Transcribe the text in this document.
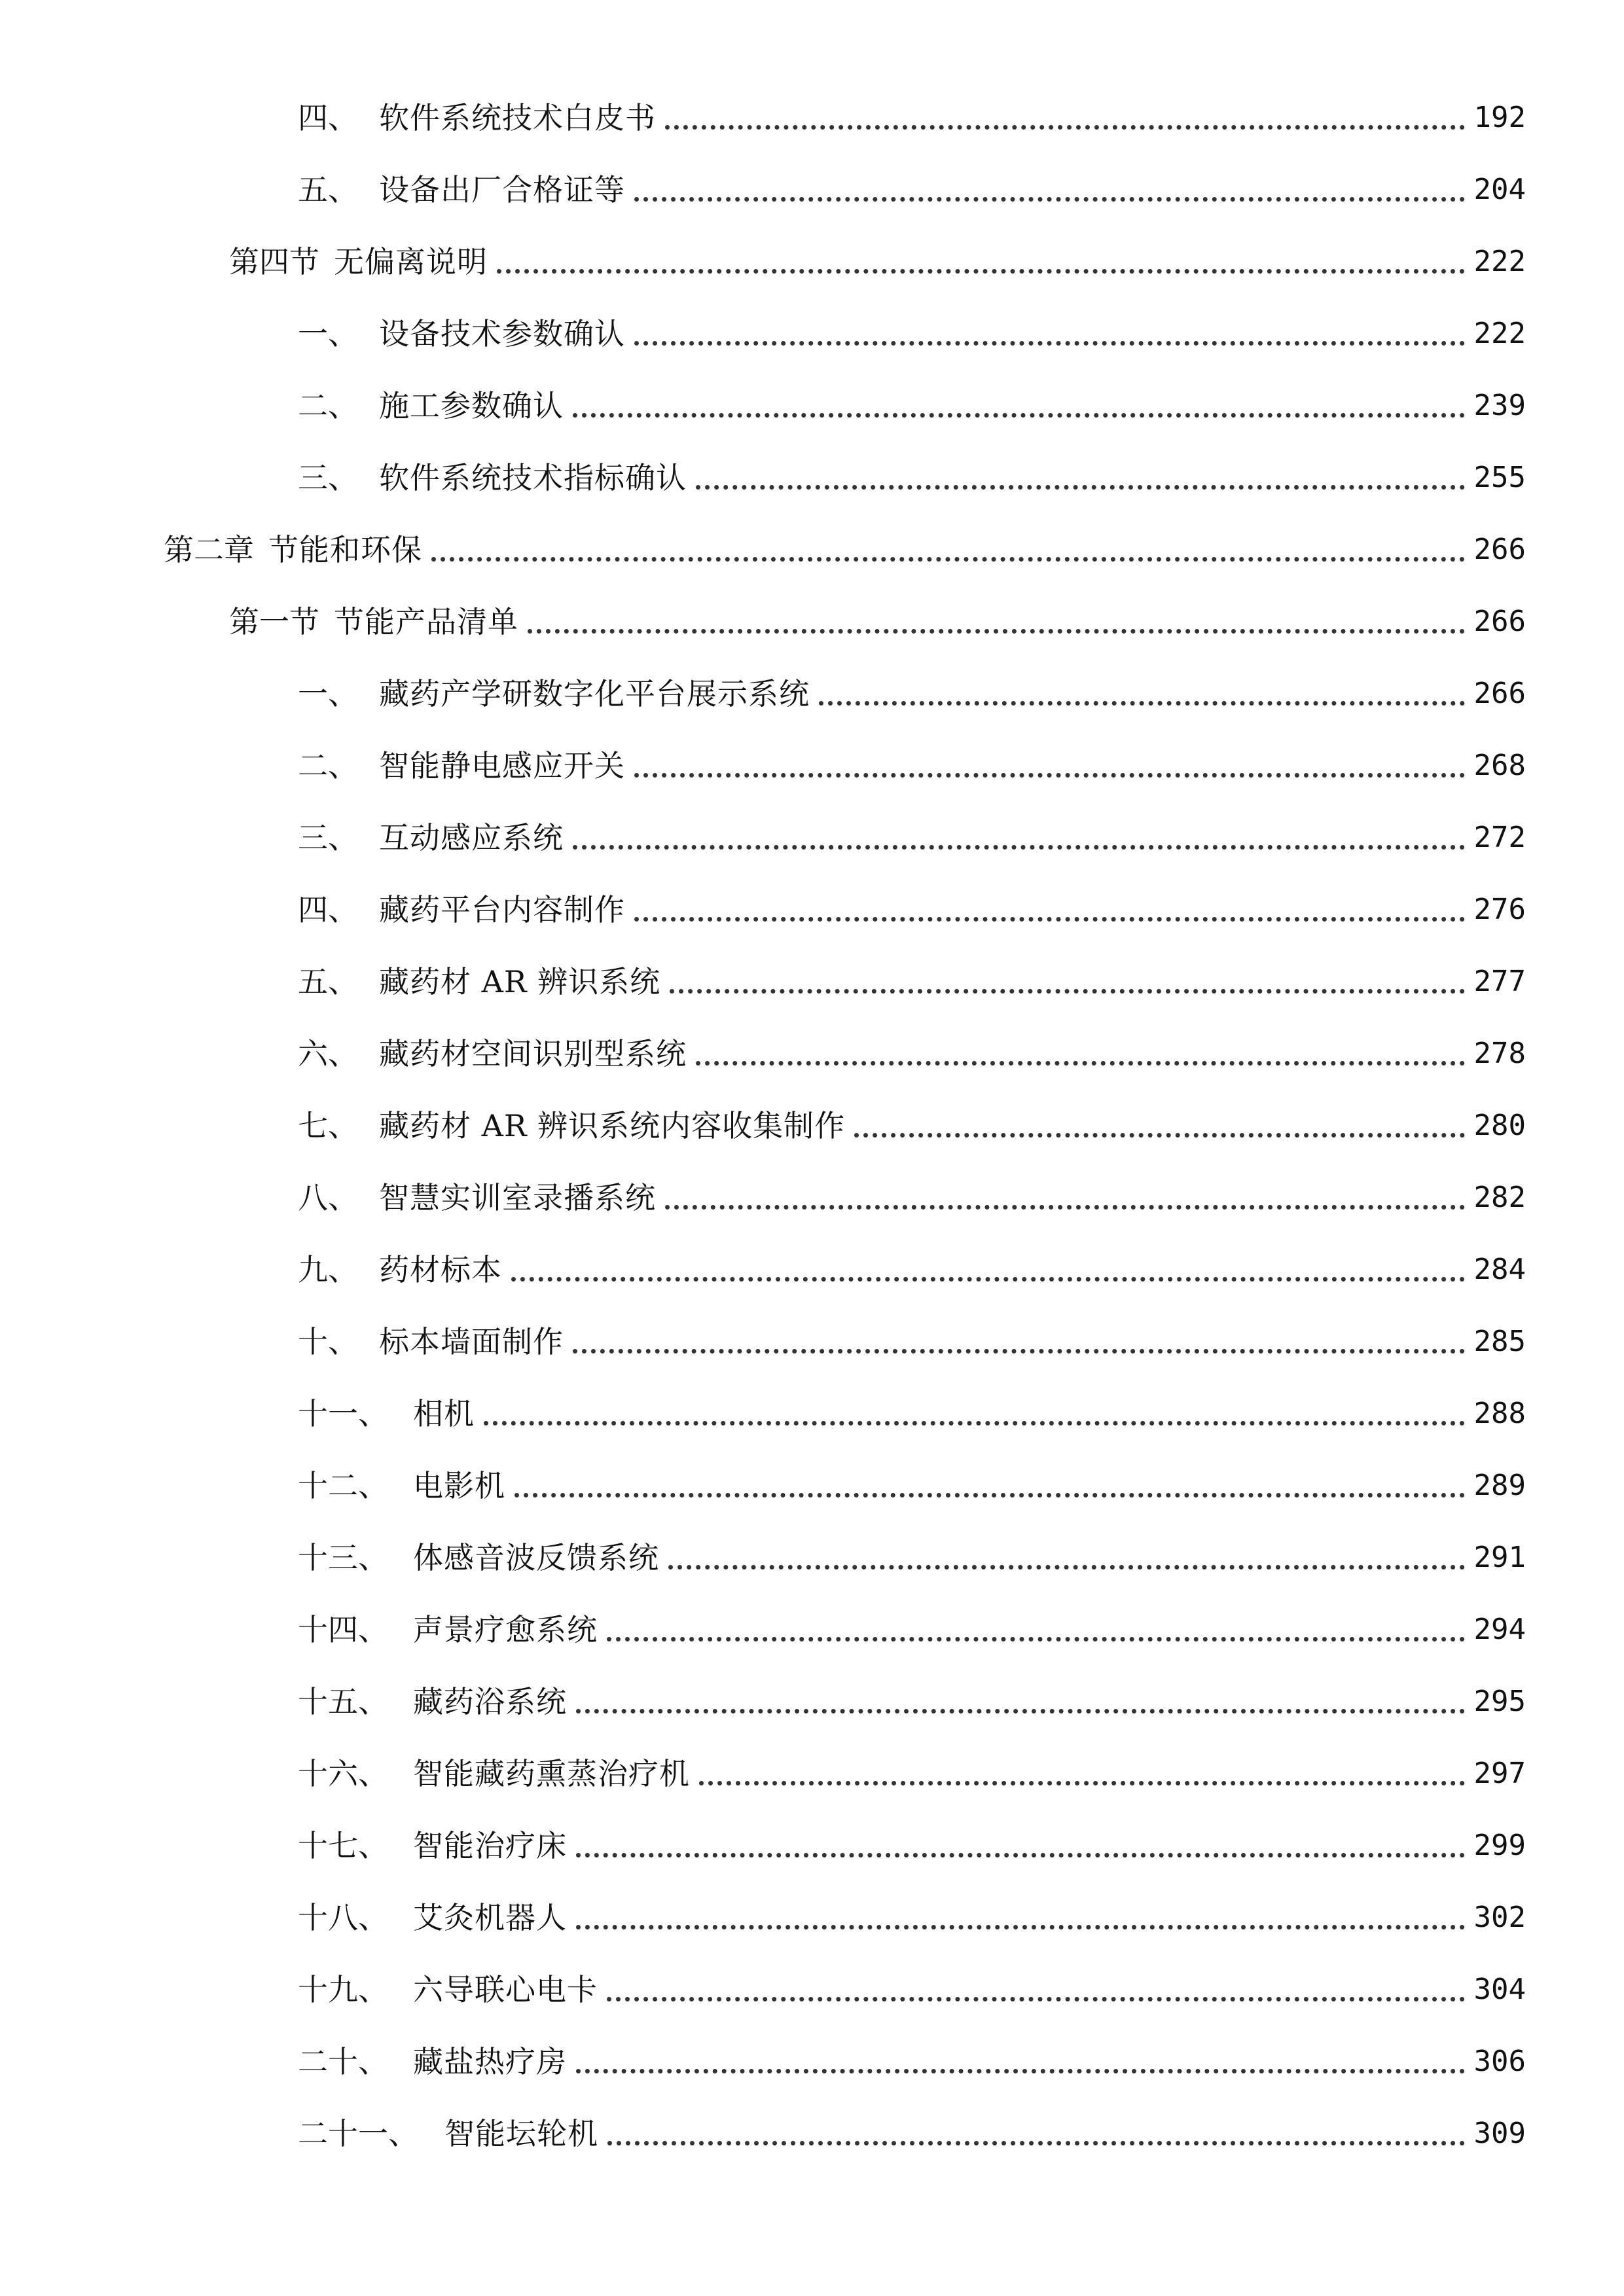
四、 软件系统技术白皮书	192
五、 设备出厂合格证等	204
第四节 无偏离说明	222
一、 设备技术参数确认	222
二、 施工参数确认	239
三、 软件系统技术指标确认	255
第二章 节能和环保	266
第一节 节能产品清单	266
一、 藏药产学研数字化平台展示系统	266
二、 智能静电感应开关	268
三、 互动感应系统	272
四、 藏药平台内容制作	276
五、 藏药材 AR 辨识系统	277
六、 藏药材空间识别型系统	278
七、 藏药材 AR 辨识系统内容收集制作	280
八、 智慧实训室录播系统	282
九、 药材标本	284
十、 标本墙面制作	285
十一、 相机	288
十二、 电影机	289
十三、 体感音波反馈系统	291
十四、 声景疗愈系统	294
十五、 藏药浴系统	295
十六、 智能藏药熏蒸治疗机	297
十七、 智能治疗床	299
十八、 艾灸机器人	302
十九、 六导联心电卡	304
二十、 藏盐热疗房	306
二十一、 智能坛轮机	309
